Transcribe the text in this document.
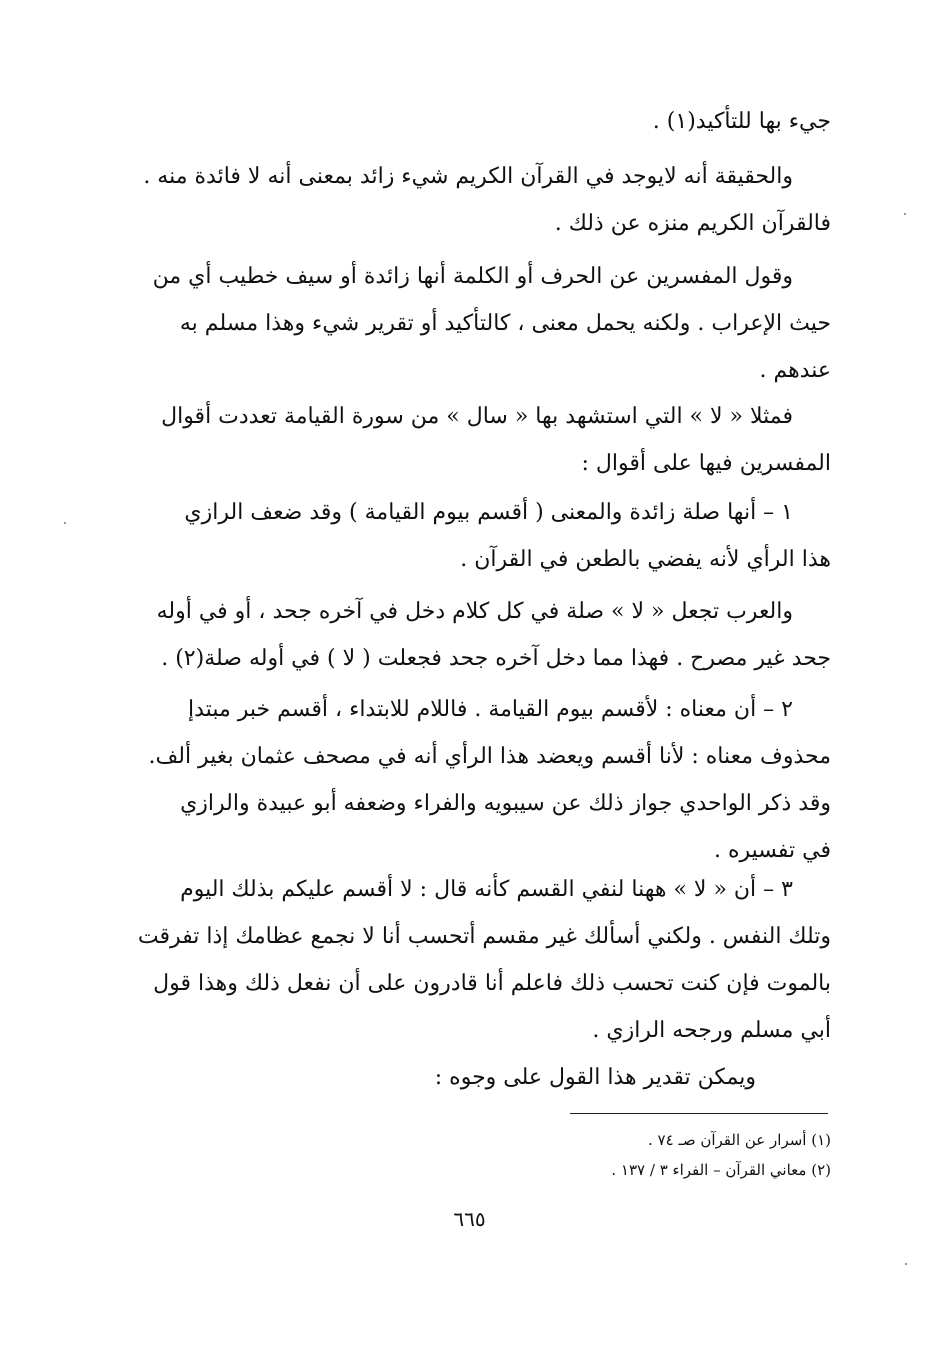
جيء بها للتأكيد(١) .
والحقيقة أنه لايوجد في القرآن الكريم شيء زائد بمعنى أنه لا فائدة منه .
فالقرآن الكريم منزه عن ذلك .
وقول المفسرين عن الحرف أو الكلمة أنها زائدة أو سيف خطيب أي من
حيث الإعراب . ولكنه يحمل معنى ، كالتأكيد أو تقرير شيء وهذا مسلم به
عندهم .
فمثلا « لا » التي استشهد بها « سال » من سورة القيامة تعددت أقوال
المفسرين فيها على أقوال :
١ – أنها صلة زائدة والمعنى ( أقسم بيوم القيامة ) وقد ضعف الرازي
هذا الرأي لأنه يفضي بالطعن في القرآن .
والعرب تجعل « لا » صلة في كل كلام دخل في آخره جحد ، أو في أوله
جحد غير مصرح . فهذا مما دخل آخره جحد فجعلت ( لا ) في أوله صلة(٢) .
٢ – أن معناه : لأقسم بيوم القيامة . فاللام للابتداء ، أقسم خبر مبتدإ
محذوف معناه : لأنا أقسم ويعضد هذا الرأي أنه في مصحف عثمان بغير ألف.
وقد ذكر الواحدي جواز ذلك عن سيبويه والفراء وضعفه أبو عبيدة والرازي
في تفسيره .
٣ – أن « لا » ههنا لنفي القسم كأنه قال : لا أقسم عليكم بذلك اليوم
وتلك النفس . ولكني أسألك غير مقسم أتحسب أنا لا نجمع عظامك إذا تفرقت
بالموت فإن كنت تحسب ذلك فاعلم أنا قادرون على أن نفعل ذلك وهذا قول
أبي مسلم ورجحه الرازي .
ويمكن تقدير هذا القول على وجوه :
(١) أسرار عن القرآن صـ ٧٤ .
(٢) معاني القرآن – الفراء ٣ / ١٣٧ .
٦٦٥
